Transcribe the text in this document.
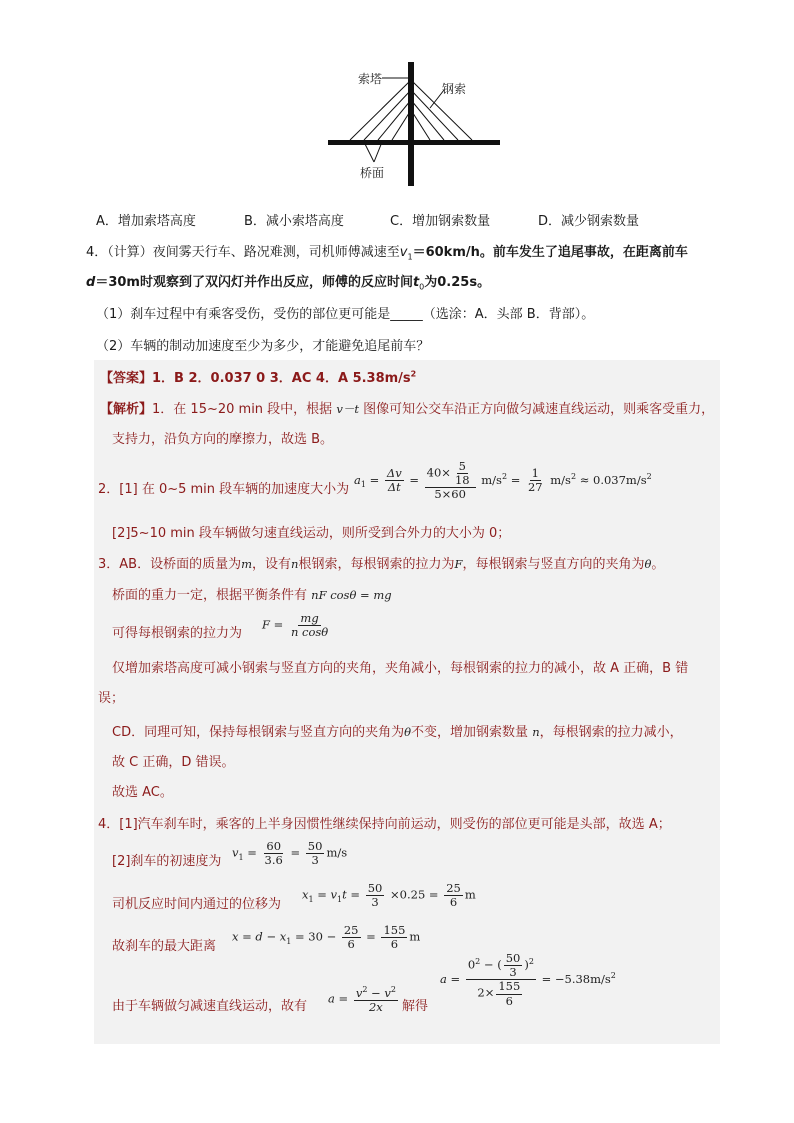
索塔
钢索
桥面
A．增加索塔高度	B．减小索塔高度	C．增加钢索数量	D．减少钢索数量
4．（计算）夜间雾天行车、路况难测，司机师傅减速至$v_1=60km/h$。前车发生了追尾事故，在距离前车
d＝30m时观察到了双闪灯并作出反应，师傅的反应时间$t_0$为0.25s。
（1）刹车过程中有乘客受伤，受伤的部位更可能是_____（选涂：A．头部 B．背部）。
（2）车辆的制动加速度至少为多少，才能避免追尾前车？
【答案】1．B 2．0.037 0 3．AC 4．A $5.38m/s^2$
【解析】1．在 15~20 min 段中，根据 v－t 图像可知公交车沿正方向做匀减速直线运动，则乘客受重力，
支持力，沿负方向的摩擦力，故选 B。
2．[1] 在 0~5 min 段车辆的加速度大小为
$a_1 = \frac{\Delta v}{\Delta t} = \frac{40\times \frac{5}{18}}{5\times 60} m/s^2 = \frac{1}{27} m/s^2 \approx 0.037m/s^2$
[2]5~10 min 段车辆做匀速直线运动，则所受到合外力的大小为 0；
3．AB．设桥面的质量为m，设有n根钢索，每根钢索的拉力为F，每根钢索与竖直方向的夹角为θ。
桥面的重力一定，根据平衡条件有 nF cosθ = mg
可得每根钢索的拉力为
$F = \frac{mg}{\text{n cosθ}}$
仅增加索塔高度可减小钢索与竖直方向的夹角，夹角减小，每根钢索的拉力的减小，故 A 正确，B 错
误；
CD．同理可知，保持每根钢索与竖直方向的夹角为θ不变，增加钢索数量 n，每根钢索的拉力减小，
故 C 正确，D 错误。
故选 AC。
4．[1]汽车刹车时，乘客的上半身因惯性继续保持向前运动，则受伤的部位更可能是头部，故选 A；
[2]刹车的初速度为
$v_1 = \frac{60}{3.6} = \frac{50}{3} m/s$
司机反应时间内通过的位移为
$x_1 = v_1t = \frac{50}{3} \times 0.25 = \frac{25}{6}$ m
故刹车的最大距离
$x = d - x_1 = 30 - \frac{25}{6} = \frac{155}{6}$ m
由于车辆做匀减速直线运动，故有
$a = \frac{v^2 - v^2}{2x}$ 解得
$a = \frac{0^2 - ( \frac{50}{3} )^2}{2\times \frac{155}{6}} = -5.38m/s^2$
